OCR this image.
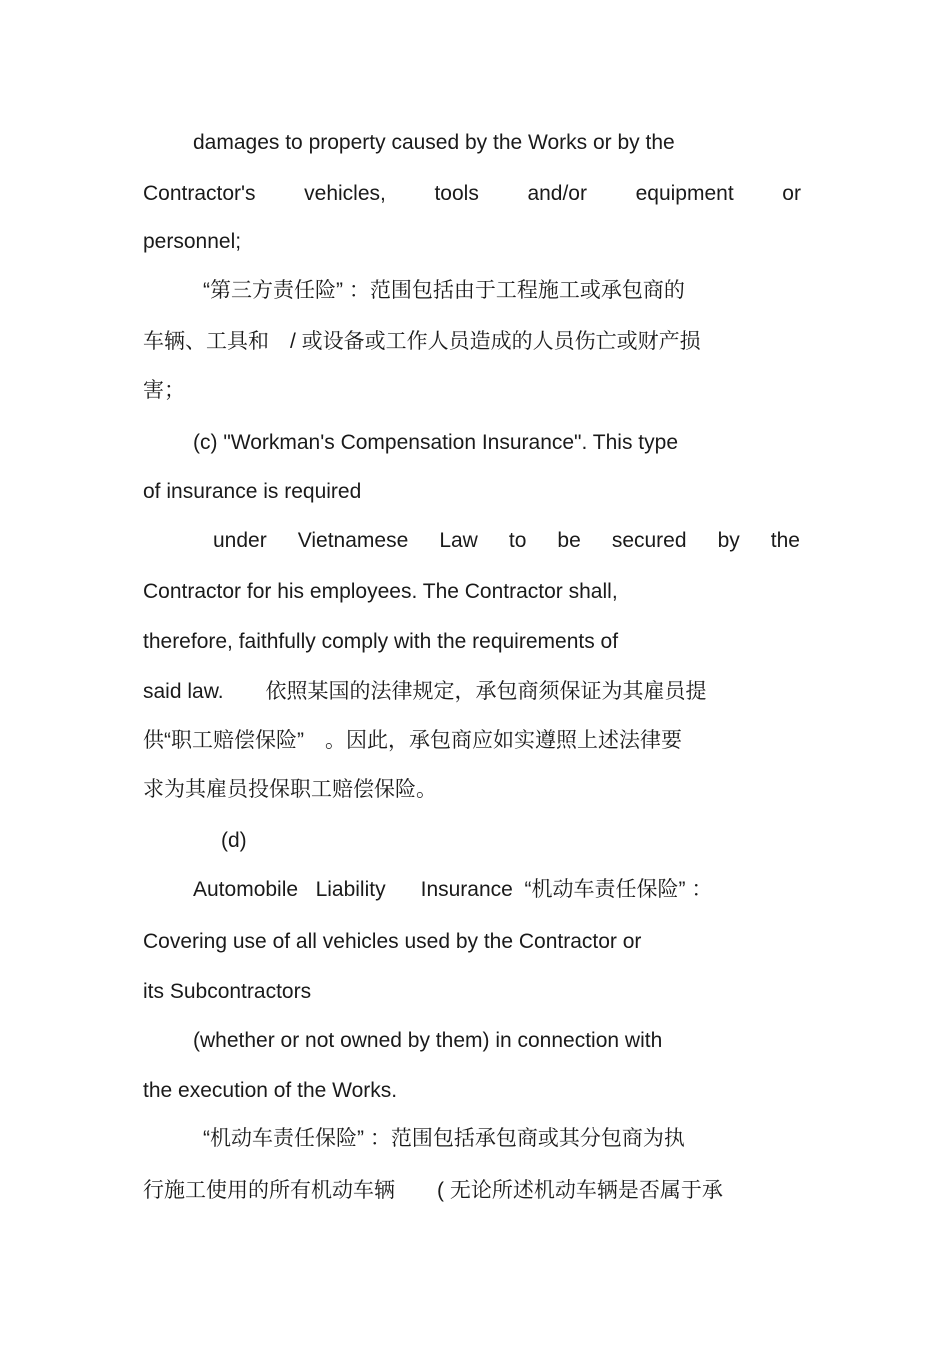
damages to property caused by the Works or by the
Contractor's vehicles, tools and/or equipment or
personnel;
“第三方责任险” ：范围包括由于工程施工或承包商的
车辆、工具和　/ 或设备或工作人员造成的人员伤亡或财产损
害；
(c) "Workman's Compensation Insurance". This type
of insurance is required
under Vietnamese Law to be secured by the
Contractor for his employees. The Contractor shall,
therefore, faithfully comply with the requirements of
said law.　　依照某国的法律规定，承包商须保证为其雇员提
供“职工赔偿保险”　。因此，承包商应如实遵照上述法律要
求为其雇员投保职工赔偿保险。
(d)
Automobile   Liability      Insurance  “机动车责任保险” ：
Covering use of all vehicles used by the Contractor or
its Subcontractors
(whether or not owned by them) in connection with
the execution of the Works.
“机动车责任保险” ：范围包括承包商或其分包商为执
行施工使用的所有机动车辆　　( 无论所述机动车辆是否属于承
